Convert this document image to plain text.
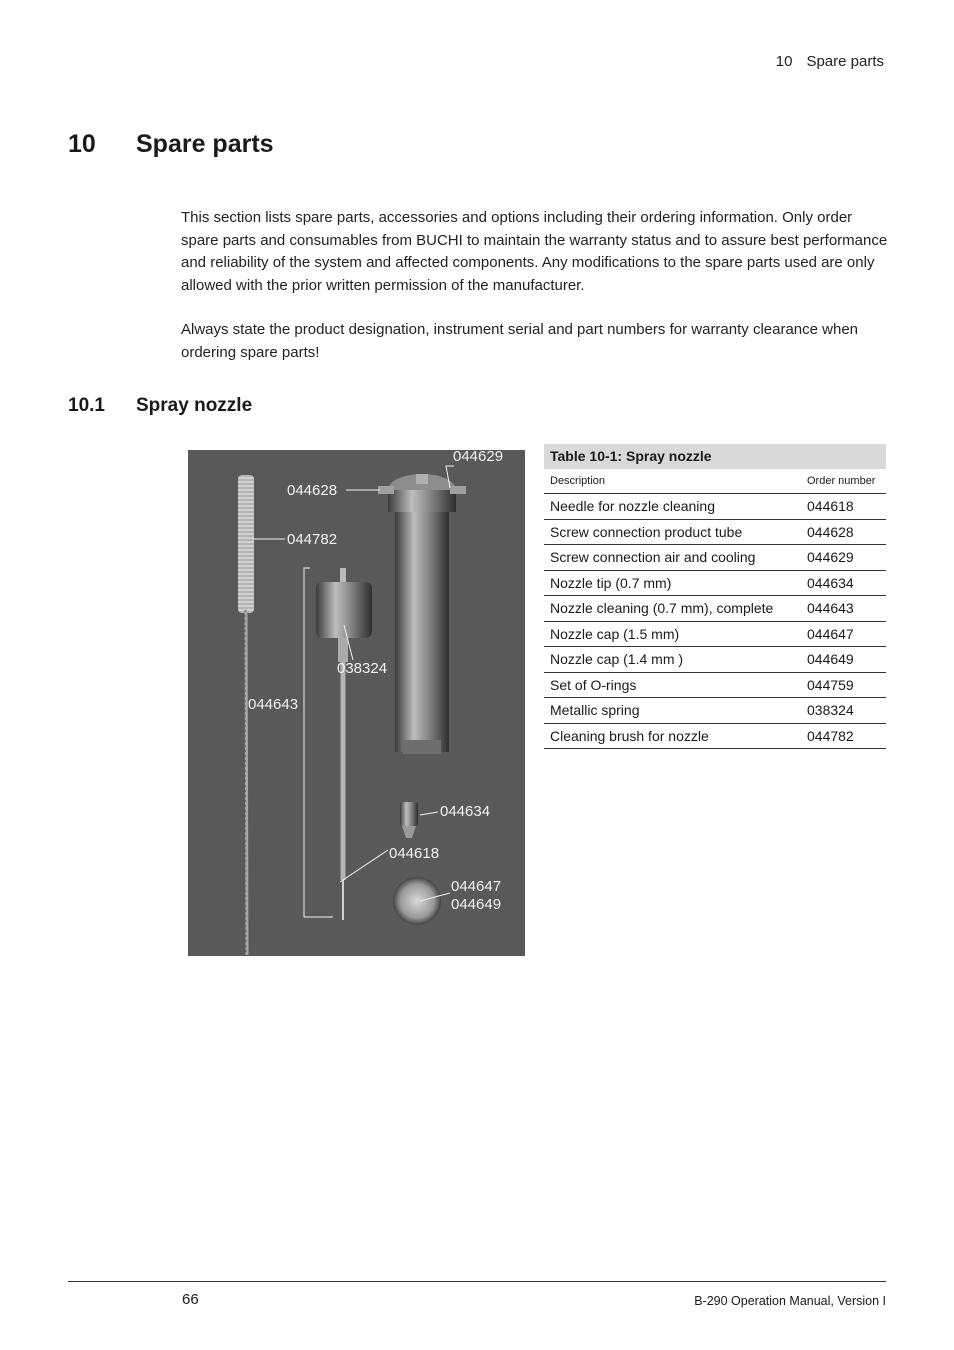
10 Spare parts
10 Spare parts

This section lists spare parts, accessories and options including their ordering information. Only order spare parts and consumables from BUCHI to maintain the warranty status and to assure best performance and reliability of the system and affected components. Any modifications to the spare parts used are only allowed with the prior written permission of the manufacturer.

Always state the product designation, instrument serial and part numbers for warranty clearance when ordering spare parts!

10.1 Spray nozzle
044629
044628
044782
038324
044643
044634
044618
044647
044649
Table 10-1: Spray nozzle
Description	Order number
Needle for nozzle cleaning	044618
Screw connection product tube	044628
Screw connection air and cooling	044629
Nozzle tip (0.7 mm)	044634
Nozzle cleaning (0.7 mm), complete	044643
Nozzle cap (1.5 mm)	044647
Nozzle cap (1.4 mm )	044649
Set of O-rings	044759
Metallic spring	038324
Cleaning brush for nozzle	044782
66	B-290 Operation Manual, Version I
